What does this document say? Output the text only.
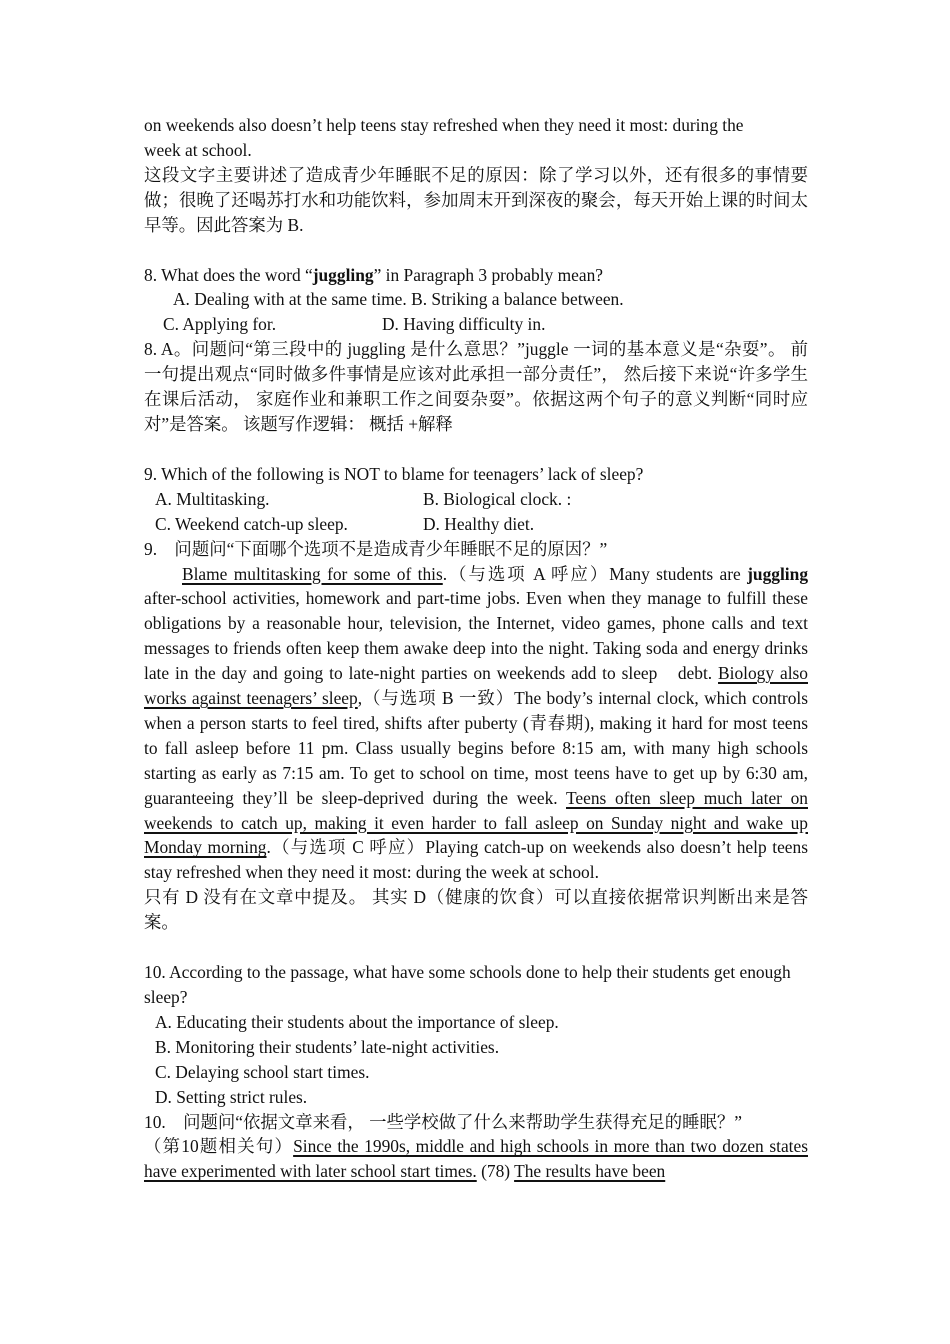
on weekends also doesn’t help teens stay refreshed when they need it most: during the

week at school.

这段文字主要讲述了造成青少年睡眠不足的原因：除了学习以外，还有很多的事情要做；很晚了还喝苏打水和功能饮料，参加周末开到深夜的聚会，每天开始上课的时间太早等。因此答案为 B.

8. What does the word “juggling” in Paragraph 3 probably mean?

A. Dealing with at the same time. B. Striking a balance between.

C. Applying for.	D. Having difficulty in.

8. A。问题问“第三段中的 juggling 是什么意思？”juggle 一词的基本意义是“杂耍”。 前一句提出观点“同时做多件事情是应该对此承担一部分责任”， 然后接下来说“许多学生在课后活动， 家庭作业和兼职工作之间耍杂耍”。依据这两个句子的意义判断“同时应对”是答案。 该题写作逻辑： 概括 +解释

9. Which of the following is NOT to blame for teenagers’ lack of sleep?

A. Multitasking.	B. Biological clock. :
C. Weekend catch-up sleep.	D. Healthy diet.

9.　问题问“下面哪个选项不是造成青少年睡眠不足的原因？”

Blame multitasking for some of this.（与选项 A 呼应）Many students are juggling after-school activities, homework and part-time jobs. Even when they manage to fulfill these obligations by a reasonable hour, television, the Internet, video games, phone calls and text messages to friends often keep them awake deep into the night. Taking soda and energy drinks late in the day and going to late-night parties on weekends add to sleep　debt. Biology also works against teenagers’ sleep,（与选项 B 一致）The body’s internal clock, which controls when a person starts to feel tired, shifts after puberty (青春期), making it hard for most teens to fall asleep before 11 pm. Class usually begins before 8:15 am, with many high schools starting as early as 7:15 am. To get to school on time, most teens have to get up by 6:30 am, guaranteeing they’ll be sleep-deprived during the week. Teens often sleep much later on weekends to catch up, making it even harder to fall asleep on Sunday night and wake up Monday morning.（与选项 C 呼应）Playing catch-up on weekends also doesn’t help teens stay refreshed when they need it most: during the week at school.

只有 D 没有在文章中提及。 其实 D（健康的饮食）可以直接依据常识判断出来是答案。

10. According to the passage, what have some schools done to help their students get enough sleep?

A. Educating their students about the importance of sleep.

B. Monitoring their students’ late-night activities.

C. Delaying school start times.

D. Setting strict rules.

10.　问题问“依据文章来看， 一些学校做了什么来帮助学生获得充足的睡眠？”

（第10题相关句）Since the 1990s, middle and high schools in more than two dozen states have experimented with later school start times. (78) The results have been
